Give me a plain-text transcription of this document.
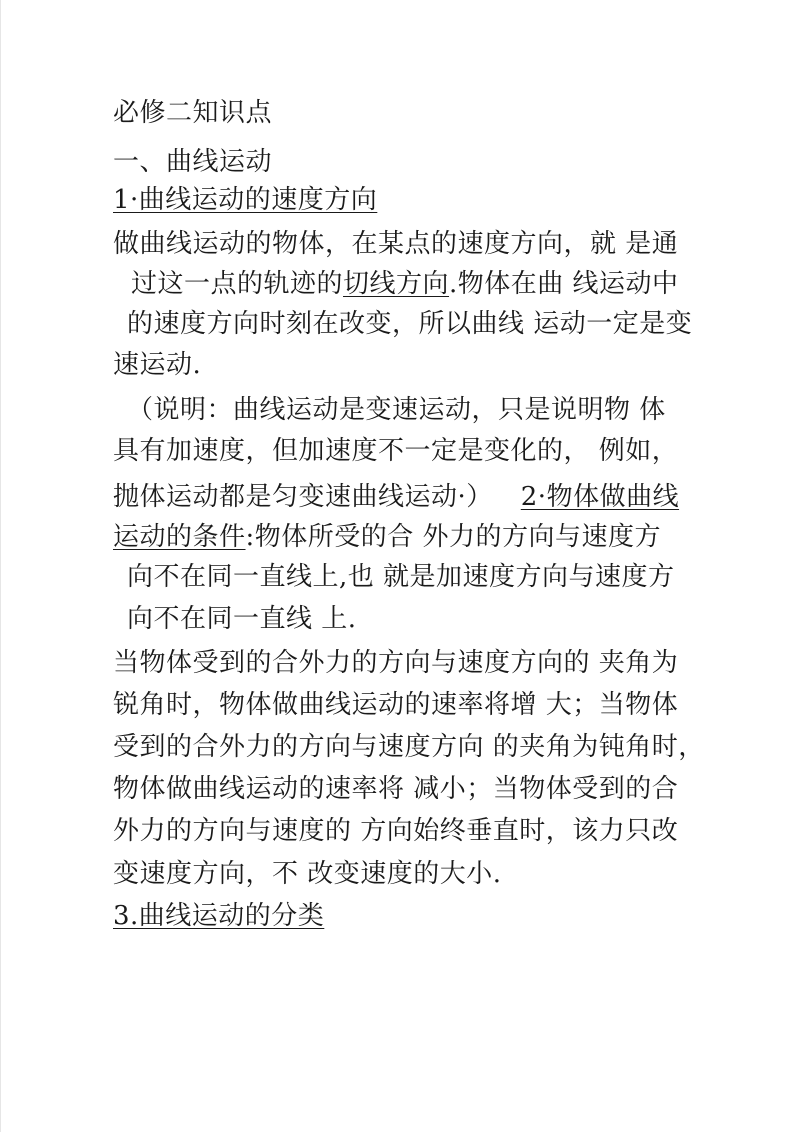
必修二知识点
一、曲线运动
1·曲线运动的速度方向
做曲线运动的物体，在某点的速度方向，就 是通
过这一点的轨迹的切线方向.物体在曲 线运动中
的速度方向时刻在改变，所以曲线 运动一定是变
速运动.
（说明：曲线运动是变速运动，只是说明物 体
具有加速度，但加速度不一定是变化的， 例如，
抛体运动都是匀变速曲线运动·） 2·物体做曲线
运动的条件:物体所受的合 外力的方向与速度方
向不在同一直线上,也 就是加速度方向与速度方
向不在同一直线 上.
当物体受到的合外力的方向与速度方向的 夹角为
锐角时，物体做曲线运动的速率将增 大；当物体
受到的合外力的方向与速度方向 的夹角为钝角时，
物体做曲线运动的速率将 减小；当物体受到的合
外力的方向与速度的 方向始终垂直时，该力只改
变速度方向，不 改变速度的大小.
3.曲线运动的分类
